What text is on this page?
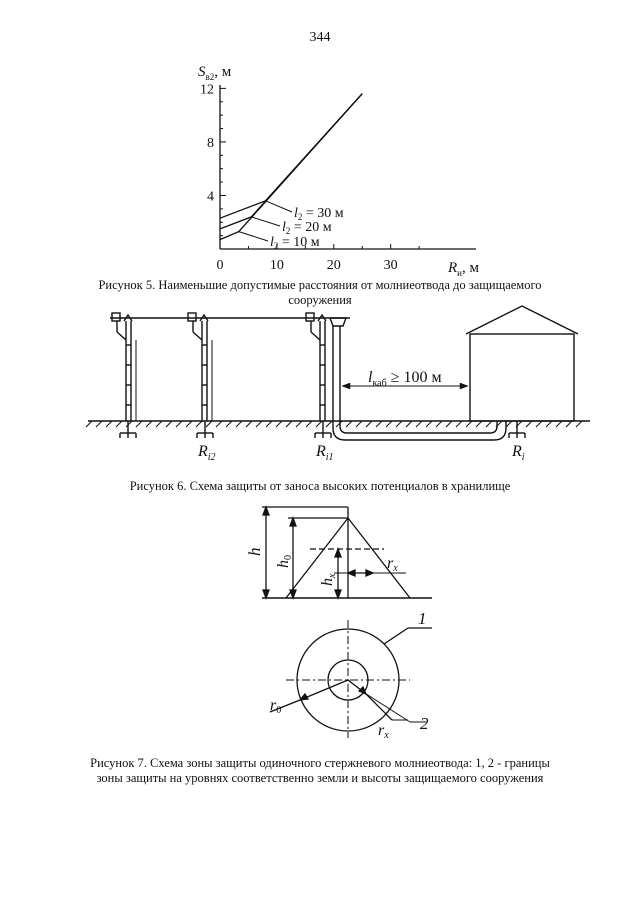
344
0	10	20	30
4
8
12
$S_{в2}$, м
$R_и$, м
$l_2 = 30$ м
$l_2 = 20$ м
$l_2 = 10$ м
Рисунок 5. Наименьшие допустимые расстояния от молниеотвода до защищаемого
сооружения
$l_{каб} \ge 100$ м
$R_{i2}$	$R_{i1}$	$R_i$
Рисунок 6. Схема защиты от заноса высоких потенциалов в хранилище
h
h0
hx
rx
r0
rx
1
2
Рисунок 7. Схема зоны защиты одиночного стержневого молниеотвода: 1, 2 - границы
зоны защиты на уровнях соответственно земли и высоты защищаемого сооружения
